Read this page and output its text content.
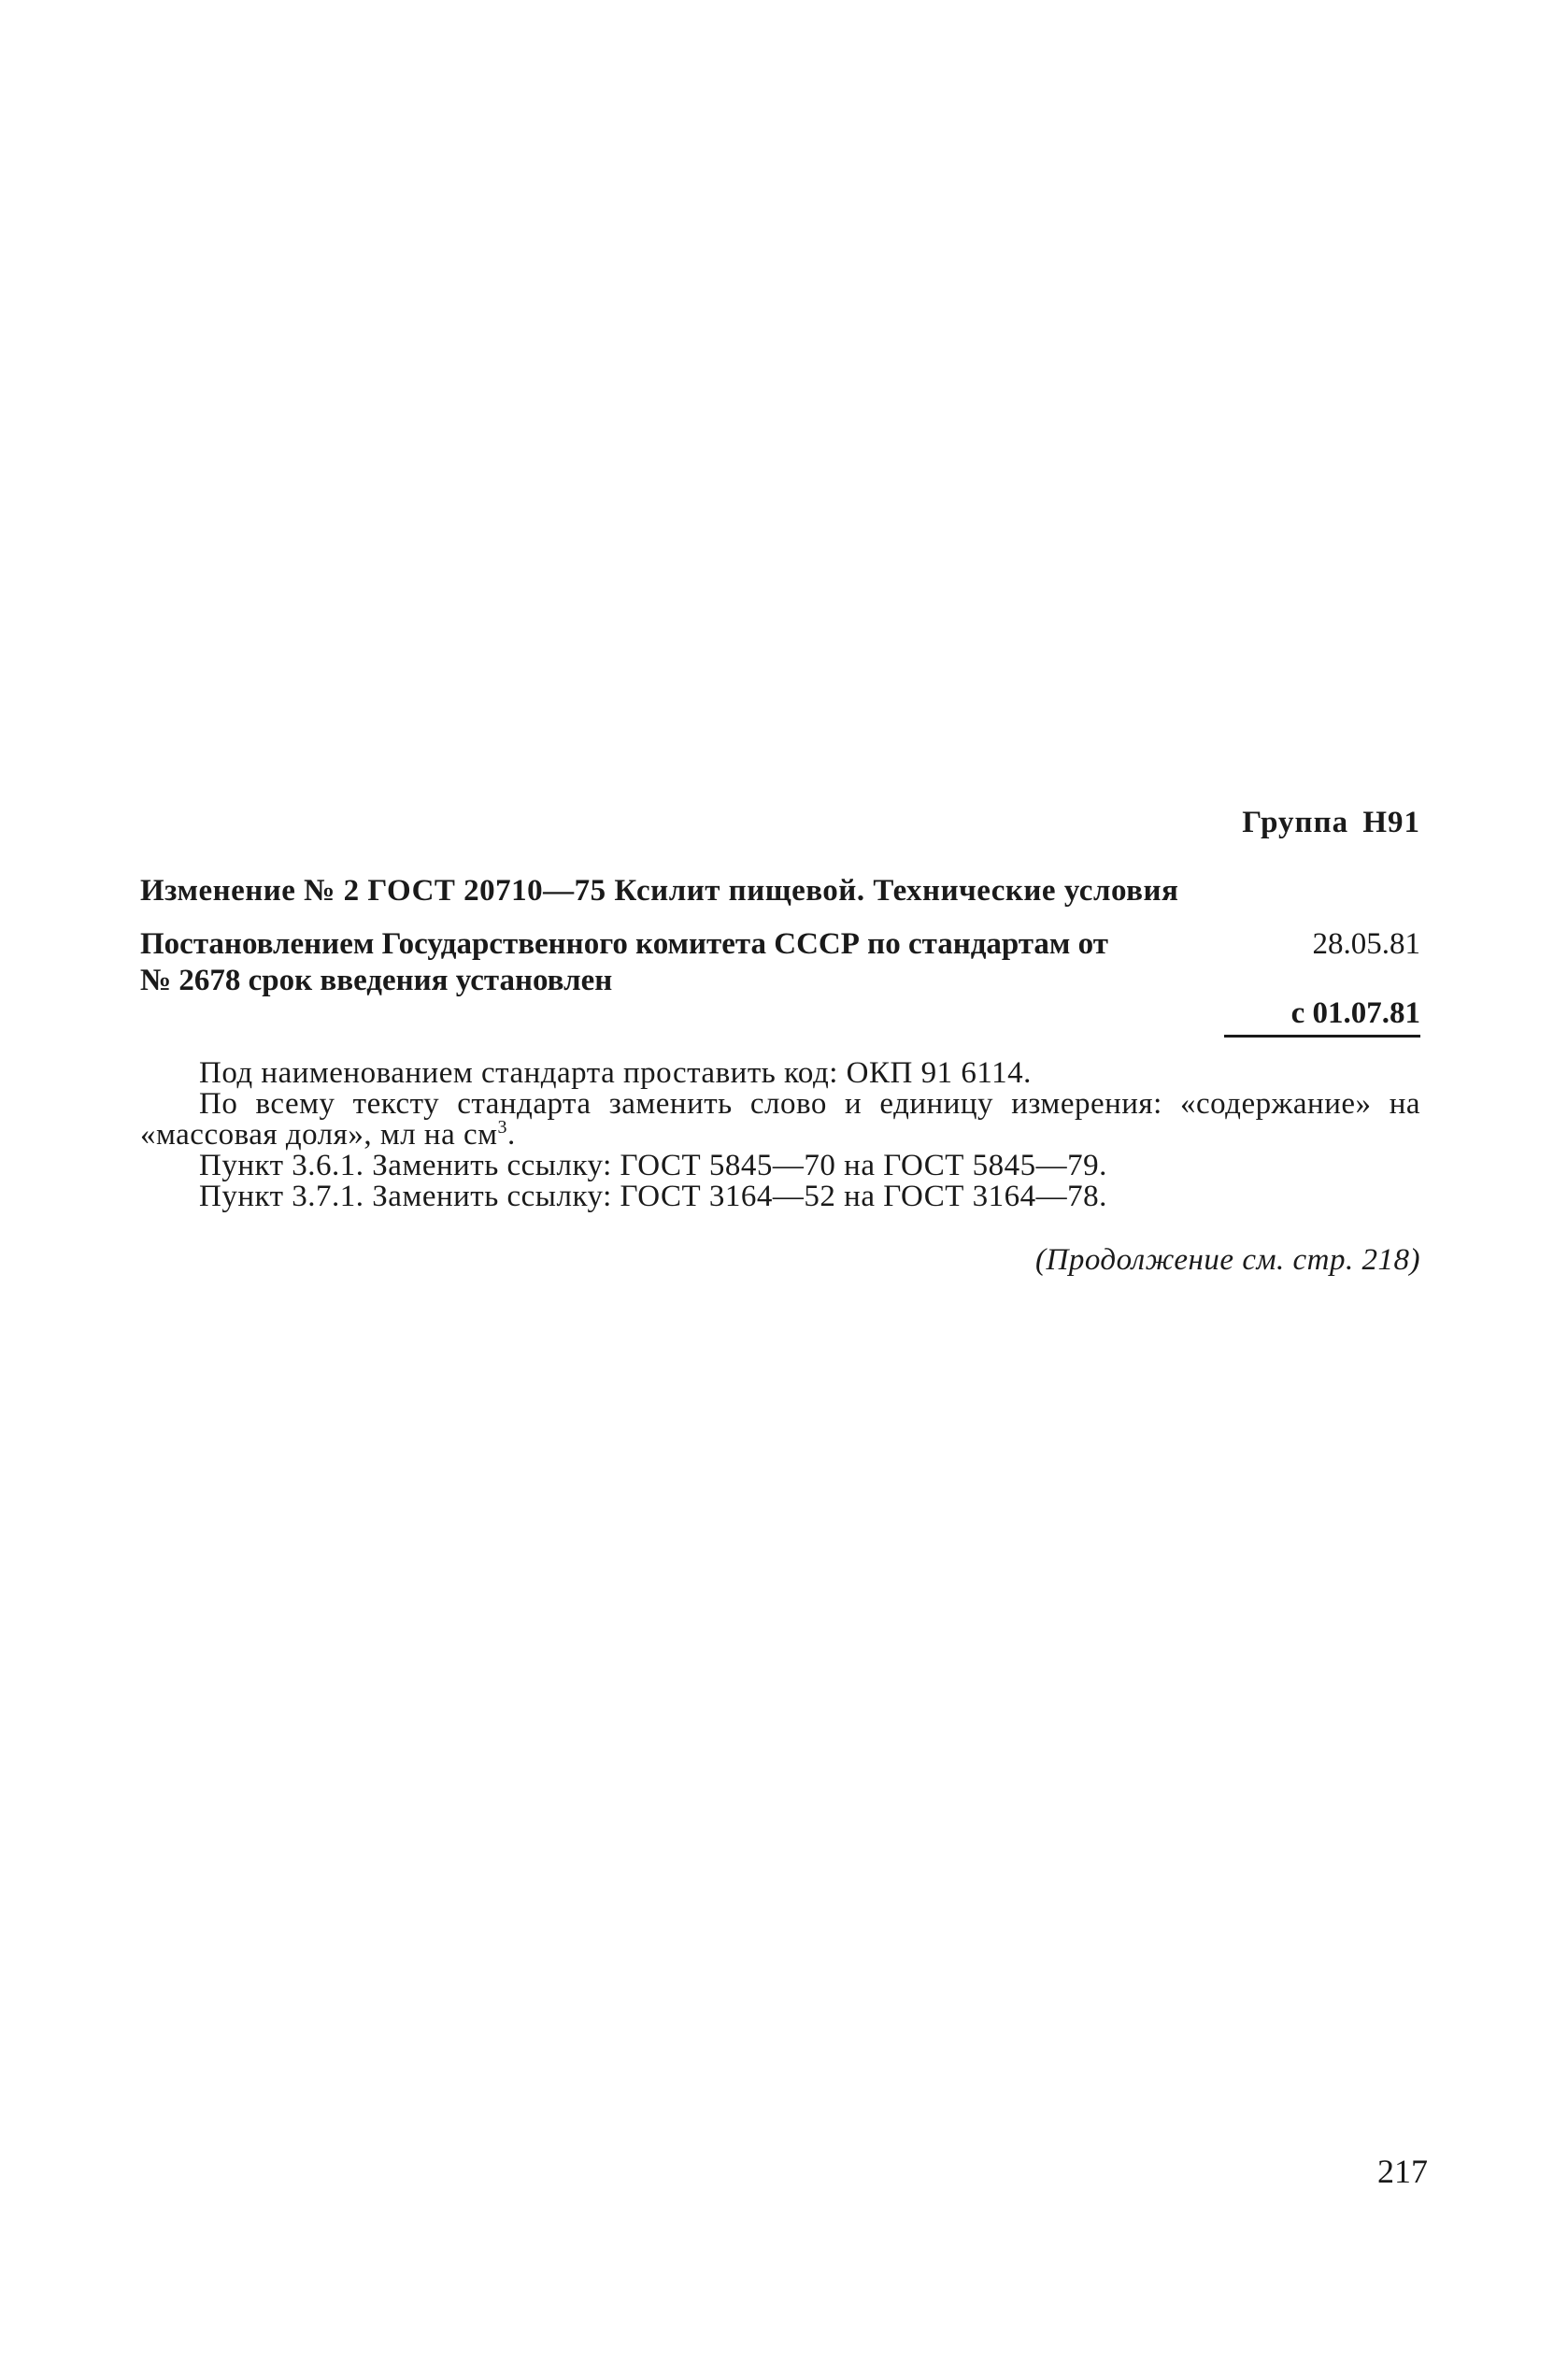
Группа Н91
Изменение № 2 ГОСТ 20710—75 Ксилит пищевой. Технические условия
Постановлением Государственного комитета СССР по стандартам от	28.05.81
№ 2678 срок введения установлен
с 01.07.81

Под наименованием стандарта проставить код: ОКП 91 6114.

По всему тексту стандарта заменить слово и единицу измерения: «содержание» на «массовая доля», мл на $см^3$.

Пункт 3.6.1. Заменить ссылку: ГОСТ 5845—70 на ГОСТ 5845—79.

Пункт 3.7.1. Заменить ссылку: ГОСТ 3164—52 на ГОСТ 3164—78.

(Продолжение см. стр. 218)
217
